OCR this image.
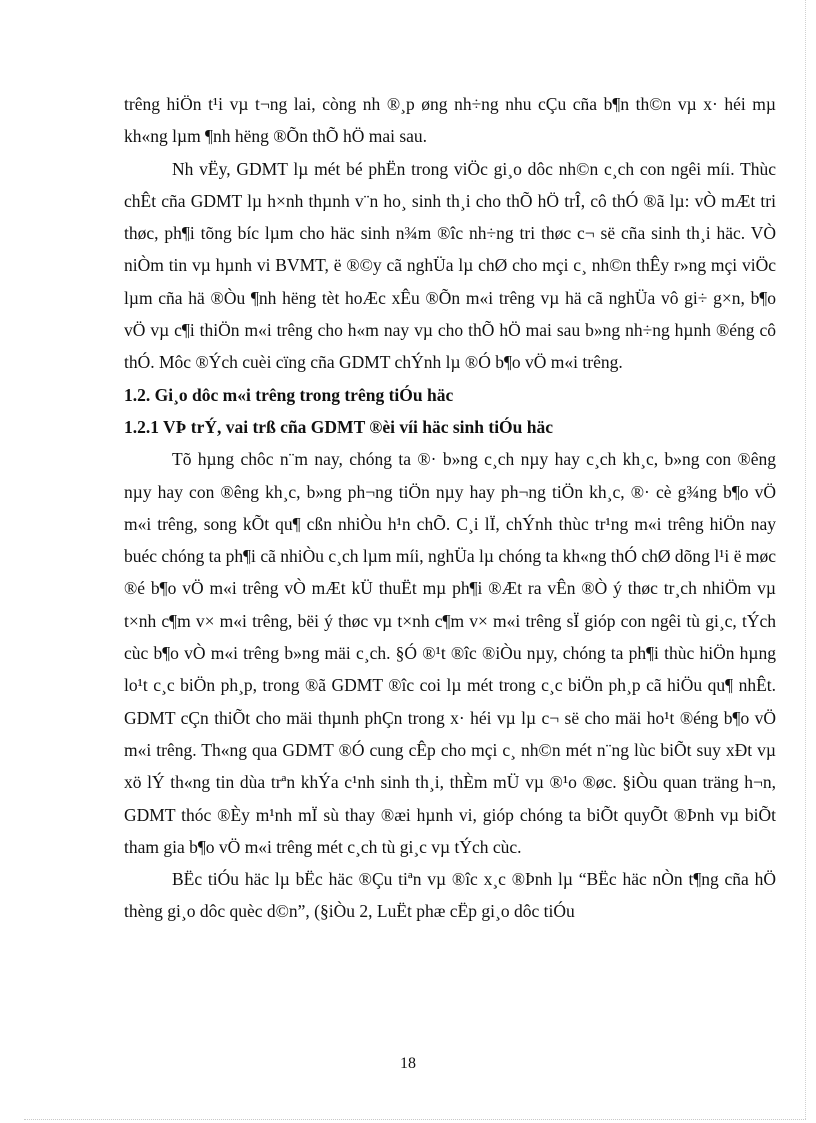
trêng hiÖn t¹i vµ t¬ng lai, còng nh ®¸p øng nh÷ng nhu cÇu cña b¶n th©n vµ x· héi mµ kh«ng lµm ¶nh hëng ®Õn thÕ hÖ mai sau.

Nh vËy, GDMT lµ mét bé phËn trong viÖc gi¸o dôc nh©n c¸ch con ngêi míi. Thùc chÊt cña GDMT lµ h×nh thµnh v¨n ho¸ sinh th¸i cho thÕ hÖ trÎ, cô thÓ ®ã lµ: vÒ mÆt tri thøc, ph¶i tõng bíc lµm cho häc sinh n¾m ®îc nh÷ng tri thøc c¬ së cña sinh th¸i häc. VÒ niÒm tin vµ hµnh vi BVMT, ë ®©y cã nghÜa lµ chØ cho mçi c¸ nh©n thÊy r»ng mçi viÖc lµm cña hä ®Òu ¶nh hëng tèt hoÆc xÊu ®Õn m«i trêng vµ hä cã nghÜa vô gi÷ g×n, b¶o vÖ vµ c¶i thiÖn m«i trêng cho h«m nay vµ cho thÕ hÖ mai sau b»ng nh÷ng hµnh ®éng cô thÓ. Môc ®Ých cuèi cïng cña GDMT chÝnh lµ ®Ó b¶o vÖ m«i trêng.

1.2. Gi¸o dôc m«i trêng trong trêng tiÓu häc

1.2.1 VÞ trÝ, vai trß cña GDMT ®èi víi häc sinh tiÓu häc

Tõ hµng chôc n¨m nay, chóng ta ®· b»ng c¸ch nµy hay c¸ch kh¸c, b»ng con ®êng nµy hay con ®êng kh¸c, b»ng ph¬ng tiÖn nµy hay ph¬ng tiÖn kh¸c, ®· cè g¾ng b¶o vÖ m«i trêng, song kÕt qu¶ cßn nhiÒu h¹n chÕ. C¸i lÏ, chÝnh thùc tr¹ng m«i trêng hiÖn nay buéc chóng ta ph¶i cã nhiÒu c¸ch lµm míi, nghÜa lµ chóng ta kh«ng thÓ chØ dõng l¹i ë møc ®é b¶o vÖ m«i trêng vÒ mÆt kÜ thuËt mµ ph¶i ®Æt ra vÊn ®Ò ý thøc tr¸ch nhiÖm vµ t×nh c¶m v× m«i trêng, bëi ý thøc vµ t×nh c¶m v× m«i trêng sÏ gióp con ngêi tù gi¸c, tÝch cùc b¶o vÒ m«i trêng b»ng mäi c¸ch. §Ó ®¹t ®îc ®iÒu nµy, chóng ta ph¶i thùc hiÖn hµng lo¹t c¸c biÖn ph¸p, trong ®ã GDMT ®îc coi lµ mét trong c¸c biÖn ph¸p cã hiÖu qu¶ nhÊt. GDMT cÇn thiÕt cho mäi thµnh phÇn trong x· héi vµ lµ c¬ së cho mäi ho¹t ®éng b¶o vÖ m«i trêng. Th«ng qua GDMT ®Ó cung cÊp cho mçi c¸ nh©n mét n¨ng lùc biÕt suy xÐt vµ xö lÝ th«ng tin dùa trªn khÝa c¹nh sinh th¸i, thÈm mÜ vµ ®¹o ®øc. §iÒu quan träng h¬n, GDMT thóc ®Èy m¹nh mÏ sù thay ®æi hµnh vi, gióp chóng ta biÕt quyÕt ®Þnh vµ biÕt tham gia b¶o vÖ m«i trêng mét c¸ch tù gi¸c vµ tÝch cùc.

BËc tiÓu häc lµ bËc häc ®Çu tiªn vµ ®îc x¸c ®Þnh lµ “BËc häc nÒn t¶ng cña hÖ thèng gi¸o dôc quèc d©n”, (§iÒu 2, LuËt phæ cËp gi¸o dôc tiÓu

18
